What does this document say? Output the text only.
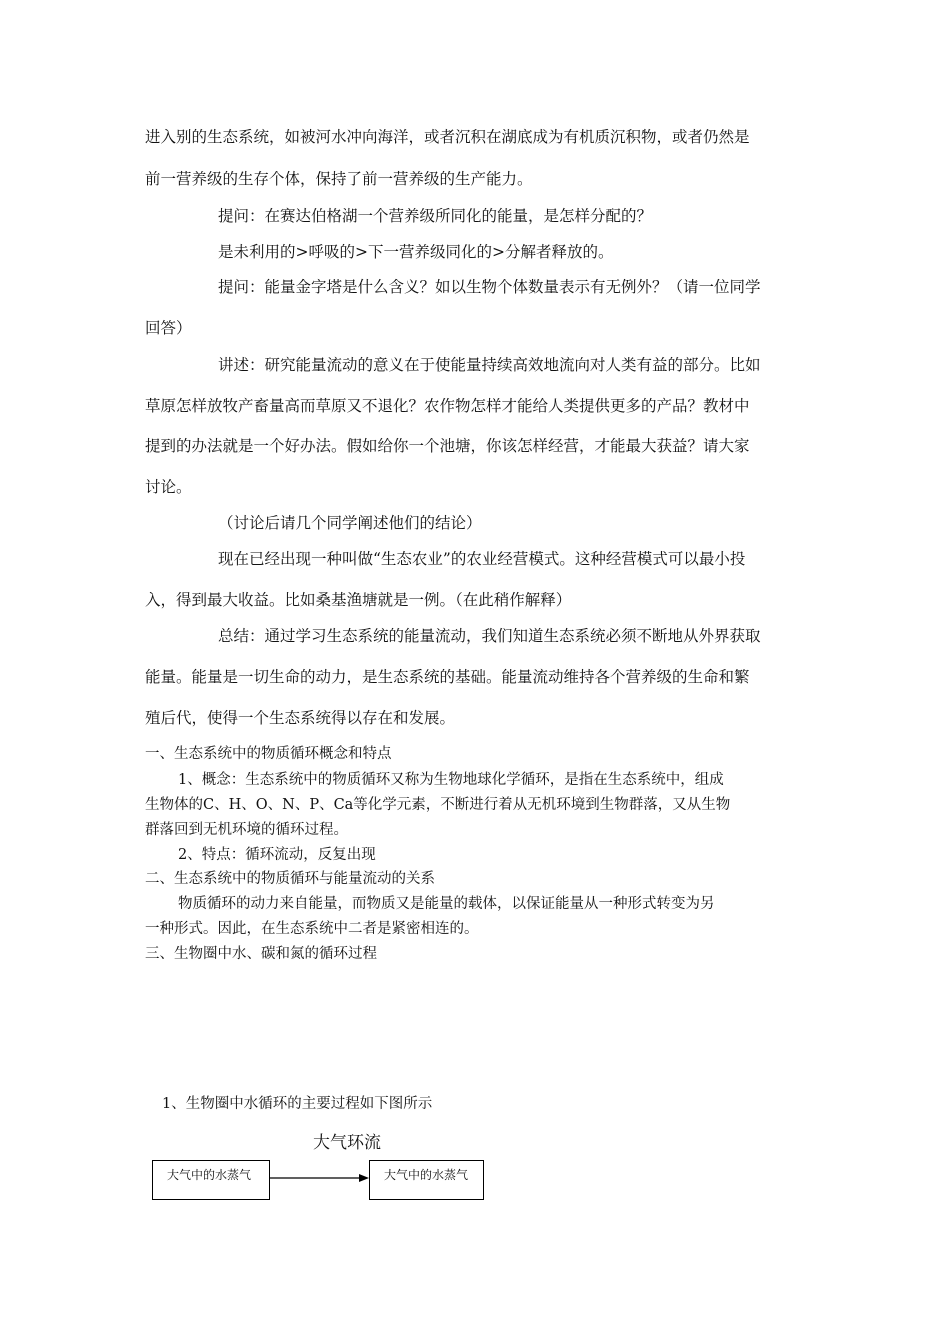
进入别的生态系统，如被河水冲向海洋，或者沉积在湖底成为有机质沉积物，或者仍然是
前一营养级的生存个体，保持了前一营养级的生产能力。
提问：在赛达伯格湖一个营养级所同化的能量，是怎样分配的？
是未利用的>呼吸的>下一营养级同化的>分解者释放的。
提问：能量金字塔是什么含义？如以生物个体数量表示有无例外？（请一位同学
回答）
讲述：研究能量流动的意义在于使能量持续高效地流向对人类有益的部分。比如
草原怎样放牧产畜量高而草原又不退化？农作物怎样才能给人类提供更多的产品？教材中
提到的办法就是一个好办法。假如给你一个池塘，你该怎样经营，才能最大获益？请大家
讨论。
（讨论后请几个同学阐述他们的结论）
现在已经出现一种叫做“生态农业”的农业经营模式。这种经营模式可以最小投
入，得到最大收益。比如桑基渔塘就是一例。（在此稍作解释）
总结：通过学习生态系统的能量流动，我们知道生态系统必须不断地从外界获取
能量。能量是一切生命的动力，是生态系统的基础。能量流动维持各个营养级的生命和繁
殖后代，使得一个生态系统得以存在和发展。
一、生态系统中的物质循环概念和特点
1、概念：生态系统中的物质循环又称为生物地球化学循环，是指在生态系统中，组成
生物体的C、H、O、N、P、Ca等化学元素，不断进行着从无机环境到生物群落，又从生物
群落回到无机环境的循环过程。
2、特点：循环流动，反复出现
二、生态系统中的物质循环与能量流动的关系
物质循环的动力来自能量，而物质又是能量的载体，以保证能量从一种形式转变为另
一种形式。因此，在生态系统中二者是紧密相连的。
三、生物圈中水、碳和氮的循环过程
1、生物圈中水循环的主要过程如下图所示
大气环流
大气中的水蒸气	大气中的水蒸气
